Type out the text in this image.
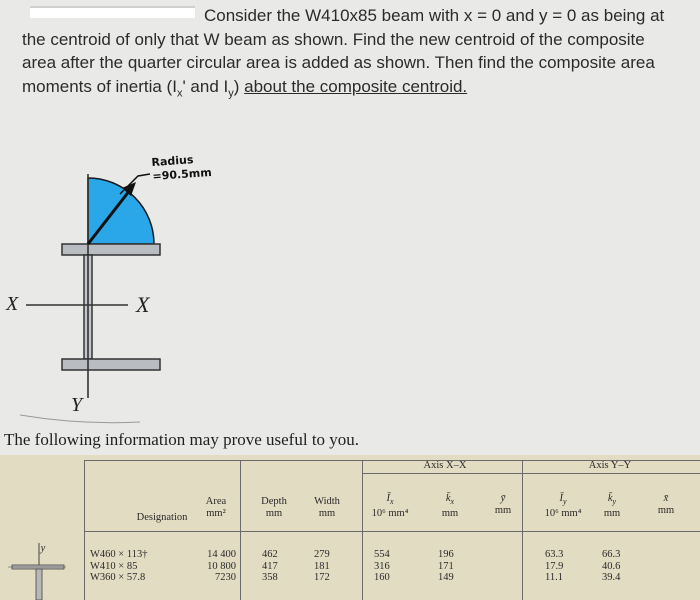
Consider the W410x85 beam with x = 0 and y = 0 as being at the centroid of only that W beam as shown. Find the new centroid of the composite area after the quarter circular area is added as shown. Then find the composite area moments of inertia ($I_x'$ and $I_y$) about the composite centroid.
Radius
=90.5mm
X	X
Y
The following information may prove useful to you.
Axis X–X	Axis Y–Y
Designation
Area
mm²
Depth
mm
Width
mm
$Ī_x$
10⁶ mm⁴
$k̄_x$
mm
ȳ
mm
$Ī_y$
10⁶ mm⁴
$k̄_y$
mm
x̄
mm
y
W460 × 113†
W410 × 85
W360 × 57.8
14 400
10 800
7230
462
417
358
279
181
172
554
316
160
196
171
149
63.3
17.9
11.1
66.3
40.6
39.4
